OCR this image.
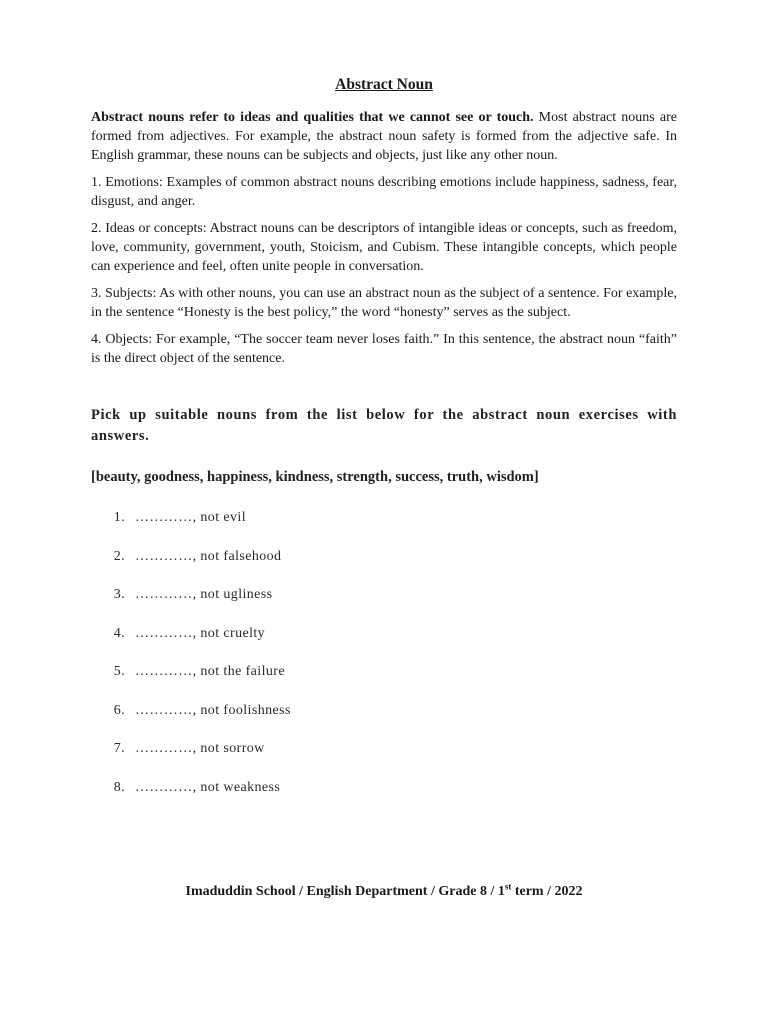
Abstract Noun

Abstract nouns refer to ideas and qualities that we cannot see or touch. Most abstract nouns are formed from adjectives. For example, the abstract noun safety is formed from the adjective safe. In English grammar, these nouns can be subjects and objects, just like any other noun.

1. Emotions: Examples of common abstract nouns describing emotions include happiness, sadness, fear, disgust, and anger.

2. Ideas or concepts: Abstract nouns can be descriptors of intangible ideas or concepts, such as freedom, love, community, government, youth, Stoicism, and Cubism. These intangible concepts, which people can experience and feel, often unite people in conversation.

3. Subjects: As with other nouns, you can use an abstract noun as the subject of a sentence. For example, in the sentence “Honesty is the best policy,” the word “honesty” serves as the subject.

4. Objects: For example, “The soccer team never loses faith.” In this sentence, the abstract noun “faith” is the direct object of the sentence.

Pick up suitable nouns from the list below for the abstract noun exercises with answers.

[beauty, goodness, happiness, kindness, strength, success, truth, wisdom]

1. ………… , not evil
2. ………… , not falsehood
3. ………… , not ugliness
4. ………… , not cruelty
5. ………… , not the failure
6. ………… , not foolishness
7. ………… , not sorrow
8. ………… , not weakness
Imaduddin School / English Department / Grade 8 / 1st term / 2022
